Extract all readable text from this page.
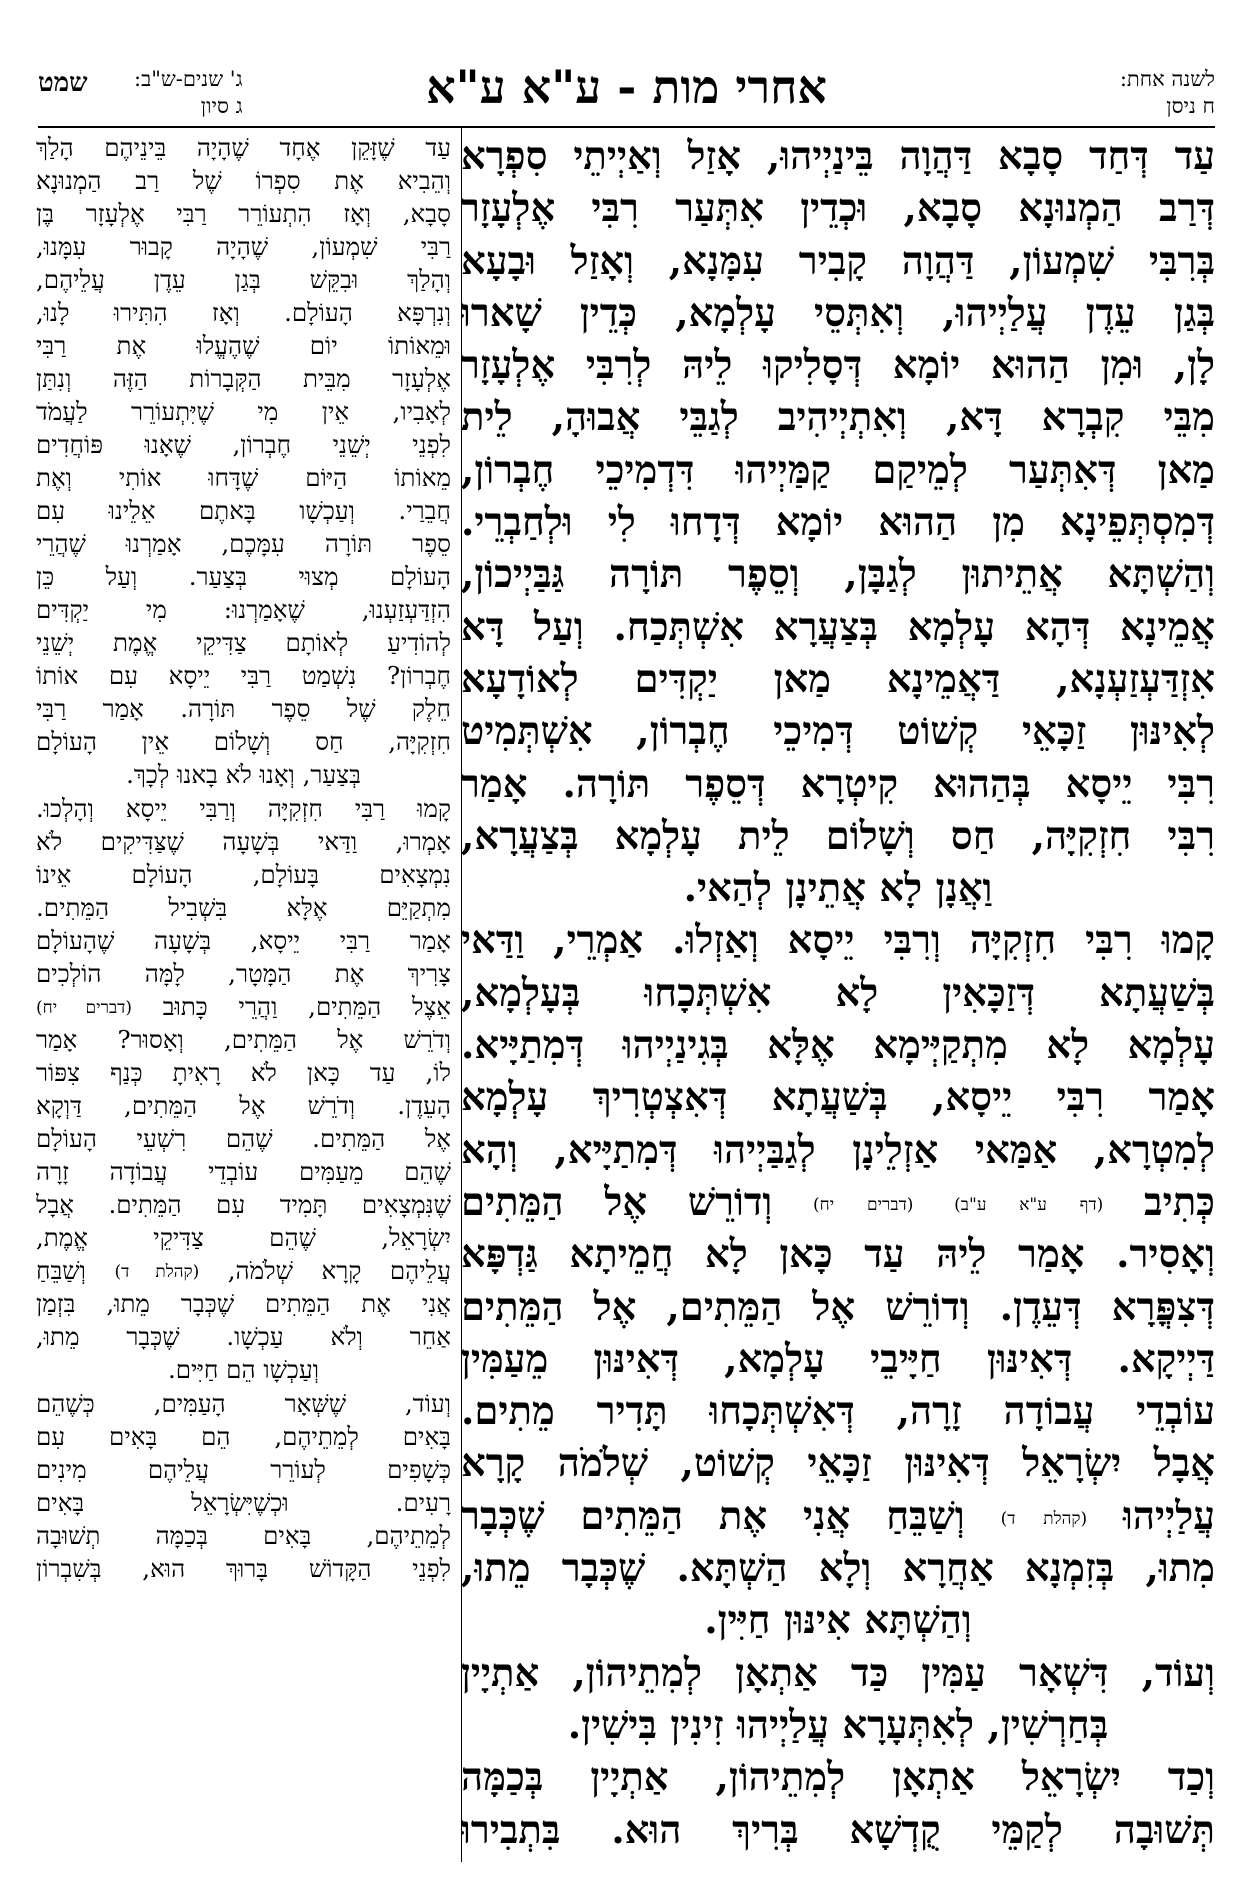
לשנה אחת:
ח ניסן
אחרי מות - ע"א ע"א
ג' שנים-ש"ב:
ג סיון
שמט
עַד דְּחַד סָבָא דַּהֲוָה בֵּינַיְיהוּ, אָזַל וְאַיְיתֵי סִפְרָא
דְּרַב הַמְנוּנָא סָבָא, וּכְדֵין אִתְּעַר רִבִּי אֶלְעָזָר
בְּרִבִּי שִׁמְעוֹן, דַּהֲוָה קָבִיר עִמָּנָא, וְאָזַל וּבָעָא
בְּגַן עֵדֶן עֲלַיְיהוּ, וְאִתְּסֵי עָלְמָא, כְּדֵין שָׁארוּ
לָן, וּמִן הַהוּא יוֹמָא דְּסָלִיקוּ לֵיהּ לְרִבִּי אֶלְעָזָר
מִבֵּי קִבְרָא דָּא, וְאִתְיְיהִיב לְגַבֵּי אֲבוּהָ, לֵית
מַאן דְּאִתְּעַר לְמֵיקַם קַמַּיְיהוּ דִּדְמִיכֵי חֶבְרוֹן,
דְּמִסְתְּפֵינָא מִן הַהוּא יוֹמָא דְּדָחוּ לִי וּלְחַבְרֵי.
וְהַשְׁתָּא אֲתֵיתוּן לְגַבָּן, וְסֵפֶר תּוֹרָה גַּבַּיְיכוֹן,
אֲמֵינָא דְּהָא עָלְמָא בְּצַעֲרָא אִשְׁתְּכַח. וְעַל דָּא
אִזְדַּעְזַעְנָא, דַּאֲמֵינָא מַאן יַקְדִּים לְאוֹדָעָא
לְאִינּוּן זַכָּאֵי קְשׁוֹט דְּמִיכֵי חֶבְרוֹן, אִשְׁתְּמִיט
רִבִּי יֵיסָא בְּהַהוּא קִיטְרָא דְּסֵפֶר תּוֹרָה. אָמַר
רִבִּי חִזְקִיָּה, חַס וְשָׁלוֹם לֵית עָלְמָא בְּצַעֲרָא,
וַאֲנָן לָא אֲתֵינָן לְהַאי.
קָמוּ רִבִּי חִזְקִיָּה וְרִבִּי יֵיסָא וְאַזְלוּ. אַמְרֵי, וַדַּאי
בְּשַׁעֲתָא דְּזַכָּאִין לָא אִשְׁתְּכָחוּ בְּעָלְמָא,
עָלְמָא לָא מִתְקַיְּימָא אֶלָּא בְּגִינַיְיהוּ דְּמִתַיָּיא.
אָמַר רִבִּי יֵיסָא, בְּשַׁעֲתָא דְּאִצְטְרִיךְ עָלְמָא
לְמִטְרָא, אַמַּאי אַזְלֵינָן לְגַבַּיְיהוּ דְּמִתַיָּיא, וְהָא
כְּתִיב (דף ע"א ע"ב) (דברים יח) וְדוֹרֵשׁ אֶל הַמֵּתִים
וְאָסִיר. אָמַר לֵיהּ עַד כָּאן לָא חֲמֵיתָא גַּדְפָּא
דְּצִפֳּרָא דְּעֵדֶן. וְדוֹרֵשׁ אֶל הַמֵּתִים, אֶל הַמֵּתִים
דַּיְיקָא. דְּאִינּוּן חַיָּיבֵי עָלְמָא, דְּאִינּוּן מֵעַמִּין
עוֹבְדֵי עֲבוֹדָה זָרָה, דְּאִשְׁתְּכָחוּ תָּדִיר מֵתִים.
אֲבָל יִשְׂרָאֵל דְּאִינּוּן זַכָּאֵי קְשׁוֹט, שְׁלֹמֹה קָרָא
עֲלַיְיהוּ (קהלת ד) וְשַׁבֵּחַ אֲנִי אֶת הַמֵּתִים שֶׁכְּבָר
מִתוּ, בְּזִמְנָא אַחֲרָא וְלָא הַשְׁתָּא. שֶׁכְּבָר מֵתוּ,
וְהַשְׁתָּא אִינּוּן חַיִּין.
וְעוֹד, דִּשְׁאָר עַמִּין כַּד אַתְאָן לְמִתֵיהוֹן, אַתְיָין
בְּחַרְשִׁין, לְאִתְּעָרָא עֲלַיְיהוּ זִינִין בִּישִׁין.
וְכַד יִשְׂרָאֵל אַתְאָן לְמִתֵיהוֹן, אַתְיָין בְּכַמָּה
תְּשׁוּבָה לְקַמֵּי קֻדְשָׁא בְּרִיךְ הוּא. בִּתְבִירוּ
עַד שֶׁזָּקֵן אֶחָד שֶׁהָיָה בֵּינֵיהֶם הָלַךְ
וְהֵבִיא אֶת סִפְרוֹ שֶׁל רַב הַמְנוּנָא
סָבָא, וְאָז הִתְעוֹרֵר רַבִּי אֶלְעָזָר בֶּן
רַבִּי שִׁמְעוֹן, שֶׁהָיָה קָבוּר עִמָּנוּ,
וְהָלַךְ וּבִקֵּשׁ בְּגַן עֵדֶן עֲלֵיהֶם,
וְנִרְפָּא הָעוֹלָם. וְאָז הִתִּירוּ לָנוּ,
וּמֵאוֹתוֹ יוֹם שֶׁהֶעֱלוּ אֶת רַבִּי
אֶלְעָזָר מִבֵּית הַקְּבָרוֹת הַזֶּה וְנִתַּן
לְאָבִיו, אֵין מִי שֶׁיִּתְעוֹרֵר לַעֲמֹד
לִפְנֵי יְשֵׁנֵי חֶבְרוֹן, שֶׁאָנוּ פּוֹחֲדִים
מֵאוֹתוֹ הַיּוֹם שֶׁדָּחוּ אוֹתִי וְאֶת
חֲבֵרַי. וְעַכְשָׁו בָּאתֶם אֵלֵינוּ עִם
סֵפֶר תּוֹרָה עִמָּכֶם, אָמַרְנוּ שֶׁהֲרֵי
הָעוֹלָם מְצוּי בְּצַעַר. וְעַל כֵּן
הִזְדַּעְזַעְנוּ, שֶׁאָמַרְנוּ: מִי יַקְדִּים
לְהוֹדִיעַ לְאוֹתָם צַדִּיקֵי אֱמֶת יְשֵׁנֵי
חֶבְרוֹן? נִשְׁמַט רַבִּי יֵיסָא עִם אוֹתוֹ
חֵלֶק שֶׁל סֵפֶר תּוֹרָה. אָמַר רַבִּי
חִזְקִיָּה, חַס וְשָׁלוֹם אֵין הָעוֹלָם
בְּצַעַר, וְאָנוּ לֹא בָאנוּ לְכָךְ.
קָמוּ רַבִּי חִזְקִיָּה וְרַבִּי יֵיסָא וְהָלְכוּ.
אָמְרוּ, וַדַּאי בְּשָׁעָה שֶׁצַּדִּיקִים לֹא
נִמְצָאִים בָּעוֹלָם, הָעוֹלָם אֵינוֹ
מִתְקַיֵּם אֶלָּא בִּשְׁבִיל הַמֵּתִים.
אָמַר רַבִּי יֵיסָא, בְּשָׁעָה שֶׁהָעוֹלָם
צָרִיךְ אֶת הַמָּטָר, לָמָּה הוֹלְכִים
אֵצֶל הַמֵּתִים, וַהֲרֵי כָּתוּב (דברים יח)
וְדֹרֵשׁ אֶל הַמֵּתִים, וְאָסוּר? אָמַר
לוֹ, עַד כָּאן לֹא רָאִיתָ כְּנַף צִפּוֹר
הָעֵדֶן. וְדֹרֵשׁ אֶל הַמֵּתִים, דַּוְקָא
אֶל הַמֵּתִים. שֶׁהֵם רִשְׁעֵי הָעוֹלָם
שֶׁהֵם מֵעַמִּים עוֹבְדֵי עֲבוֹדָה זָרָה
שֶׁנִּמְצָאִים תָּמִיד עִם הַמֵּתִים. אֲבָל
יִשְׂרָאֵל, שֶׁהֵם צַדִּיקֵי אֱמֶת,
עֲלֵיהֶם קָרָא שְׁלֹמֹה, (קהלת ד) וְשַׁבֵּחַ
אֲנִי אֶת הַמֵּתִים שֶׁכְּבָר מֵתוּ, בִּזְמַן
אַחֵר וְלֹא עַכְשָׁו. שֶׁכְּבָר מֵתוּ,
וְעַכְשָׁו הֵם חַיִּים.
וְעוֹד, שֶׁשְּׁאָר הָעַמִּים, כְּשֶׁהֵם
בָּאִים לְמֵתֵיהֶם, הֵם בָּאִים עִם
כְּשָׁפִים לְעוֹרֵר עֲלֵיהֶם מִינִים
רָעִים. וּכְשֶׁיִּשְׂרָאֵל בָּאִים
לְמֵתֵיהֶם, בָּאִים בְּכַמָּה תְשׁוּבָה
לִפְנֵי הַקָּדוֹשׁ בָּרוּךְ הוּא, בְּשִׁבְרוֹן
